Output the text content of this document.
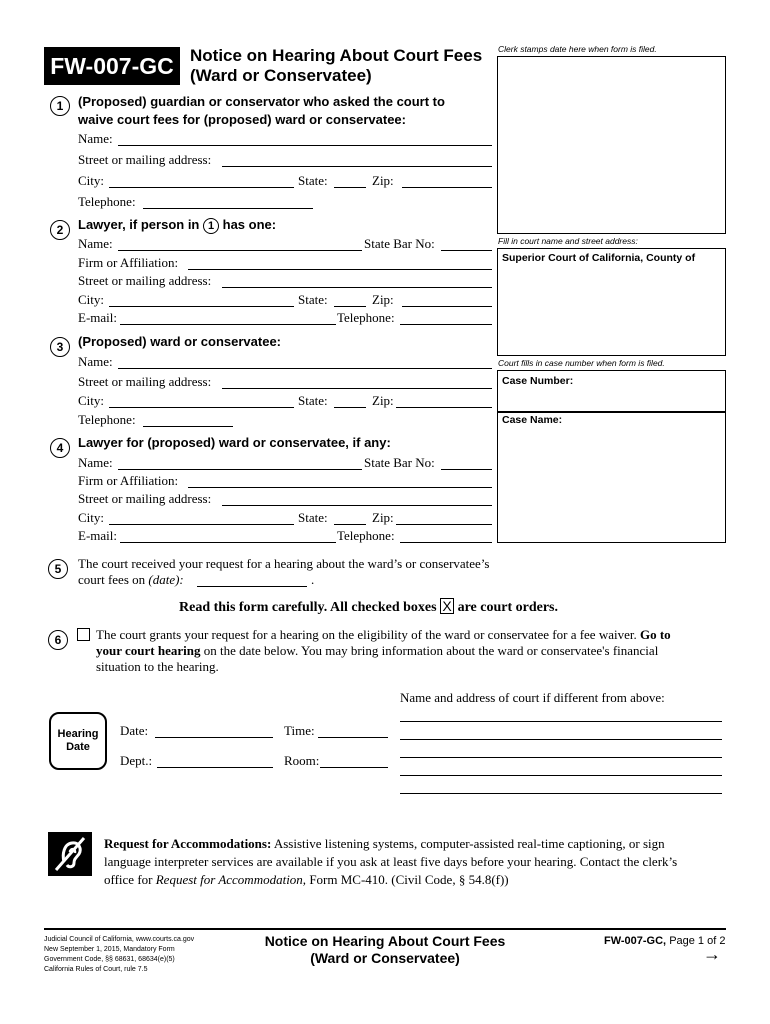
FW-007-GC Notice on Hearing About Court Fees
(Ward or Conservatee)
Clerk stamps date here when form is filed.
Fill in court name and street address:
Superior Court of California, County of
Court fills in case number when form is filed.
Case Number:
Case Name:
1	(Proposed) guardian or conservator who asked the court to
waive court fees for (proposed) ward or conservatee:
Name:
Street or mailing address:
City:	State:	Zip:
Telephone:
2	Lawyer, if person in 1 has one:
Name:	State Bar No:
Firm or Affiliation:
Street or mailing address:
City:	State:	Zip:
E-mail:	Telephone:
3	(Proposed) ward or conservatee:
Name:
Street or mailing address:
City:	State:	Zip:
Telephone:
4	Lawyer for (proposed) ward or conservatee, if any:
Name:	State Bar No:
Firm or Affiliation:
Street or mailing address:
City:	State:	Zip:
E-mail:	Telephone:
5	The court received your request for a hearing about the ward’s or conservatee’s
court fees on (date):	.
Read this form carefully. All checked boxes X are court orders.
6	The court grants your request for a hearing on the eligibility of the ward or conservatee for a fee waiver. Go to
your court hearing on the date below. You may bring information about the ward or conservatee's financial
situation to the hearing.
Name and address of court if different from above:
Hearing
Date
Date:	Time:
Dept.:	Room:
Request for Accommodations: Assistive listening systems, computer-assisted real-time captioning, or sign
language interpreter services are available if you ask at least five days before your hearing. Contact the clerk’s
office for Request for Accommodation, Form MC-410. (Civil Code, § 54.8(f))
Judicial Council of California, www.courts.ca.gov
New September 1, 2015, Mandatory Form
Government Code, §§ 68631, 68634(e)(5)
California Rules of Court, rule 7.5
Notice on Hearing About Court Fees
(Ward or Conservatee)
FW-007-GC, Page 1 of 2
→
